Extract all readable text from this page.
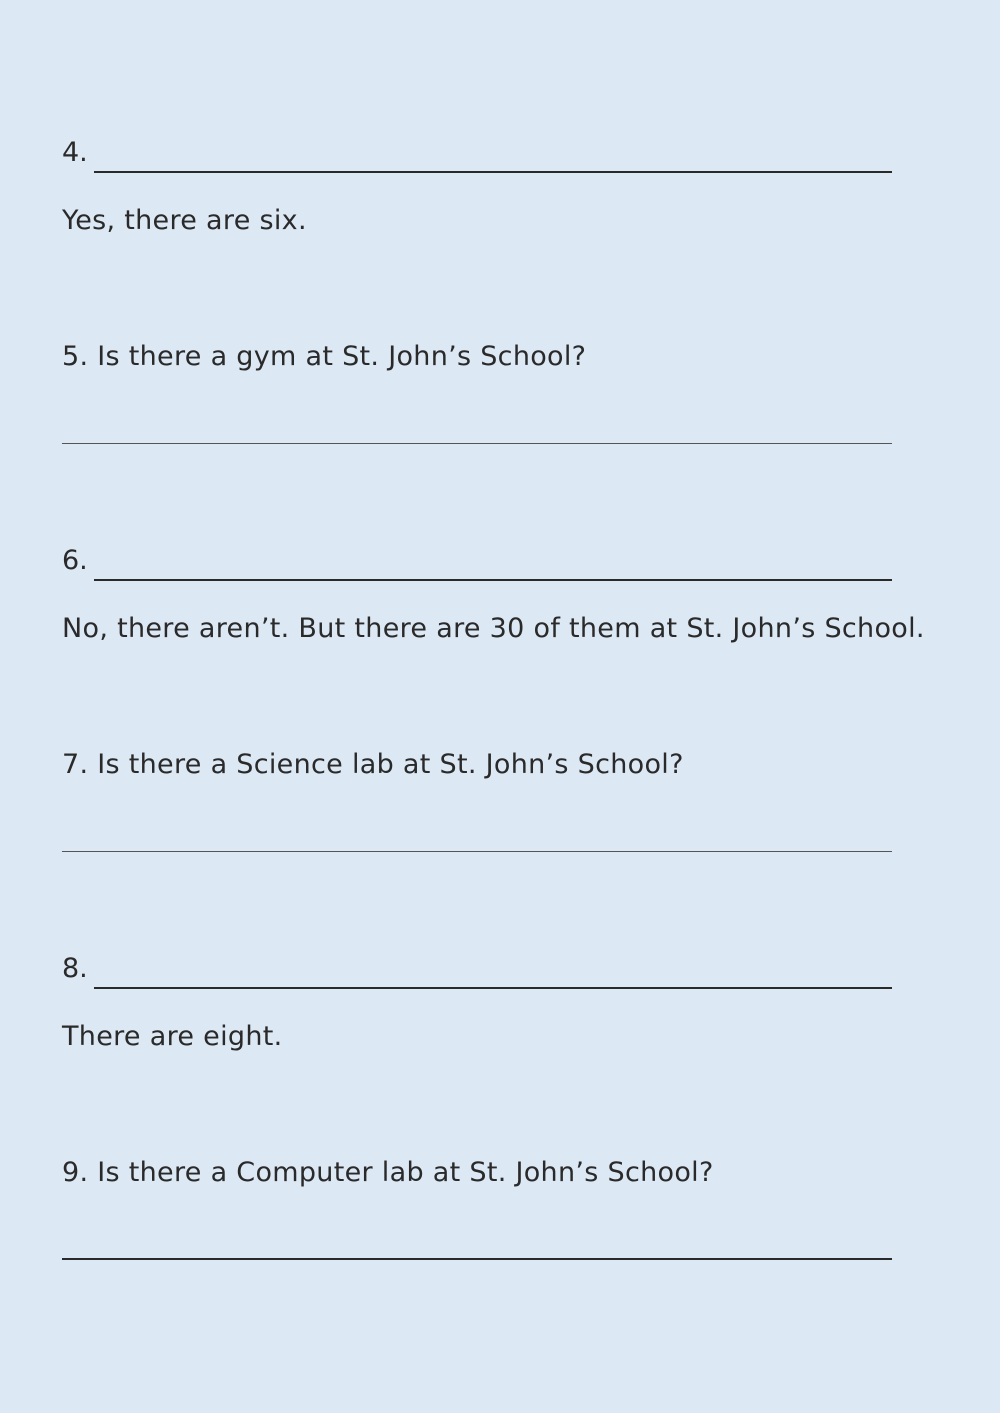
4.
Yes, there are six.
5. Is there a gym at St. John’s School?
6.
No, there aren’t. But there are 30 of them at St. John’s School.
7. Is there a Science lab at St. John’s School?
8.
There are eight.
9. Is there a Computer lab at St. John’s School?
